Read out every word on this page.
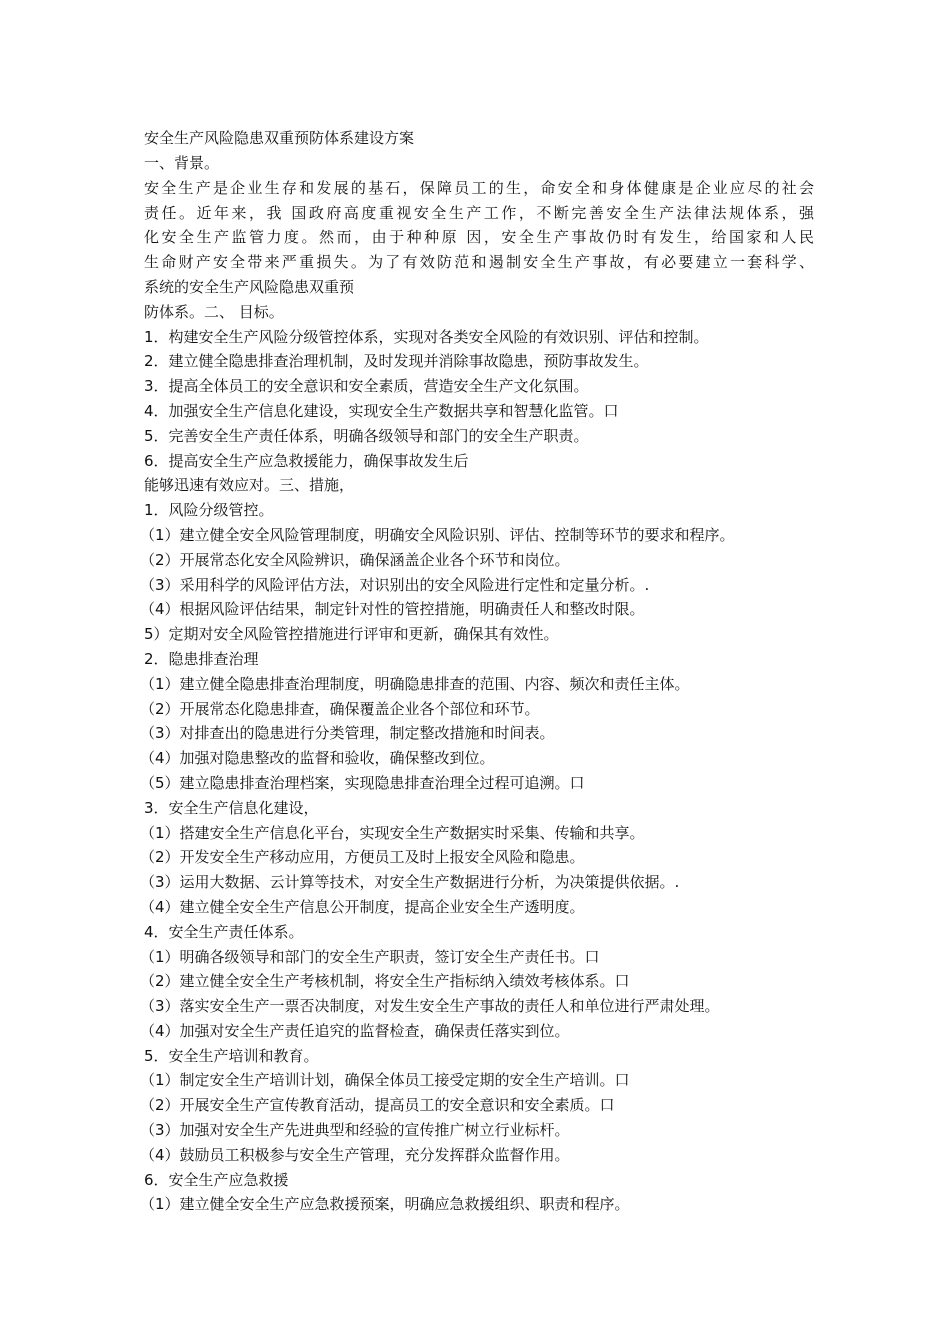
安全生产风险隐患双重预防体系建设方案
一、背景。
安全生产是企业生存和发展的基石，保障员工的生，命安全和身体健康是企业应尽的社会
责任。近年来，我 国政府高度重视安全生产工作，不断完善安全生产法律法规体系，强
化安全生产监管力度。然而，由于种种原 因，安全生产事故仍时有发生，给国家和人民
生命财产安全带来严重损失。为了有效防范和遏制安全生产事故，有必要建立一套科学、
系统的安全生产风险隐患双重预
防体系。二、 目标。
1．构建安全生产风险分级管控体系，实现对各类安全风险的有效识别、评估和控制。
2．建立健全隐患排查治理机制，及时发现并消除事故隐患，预防事故发生。
3．提高全体员工的安全意识和安全素质，营造安全生产文化氛围。
4．加强安全生产信息化建设，实现安全生产数据共享和智慧化监管。口
5．完善安全生产责任体系，明确各级领导和部门的安全生产职责。
6．提高安全生产应急救援能力，确保事故发生后
能够迅速有效应对。三、措施，
1．风险分级管控。
（1）建立健全安全风险管理制度，明确安全风险识别、评估、控制等环节的要求和程序。
（2）开展常态化安全风险辨识，确保涵盖企业各个环节和岗位。
（3）采用科学的风险评估方法，对识别出的安全风险进行定性和定量分析。.
（4）根据风险评估结果，制定针对性的管控措施，明确责任人和整改时限。
5）定期对安全风险管控措施进行评审和更新，确保其有效性。
2．隐患排查治理
（1）建立健全隐患排查治理制度，明确隐患排查的范围、内容、频次和责任主体。
（2）开展常态化隐患排查，确保覆盖企业各个部位和环节。
（3）对排查出的隐患进行分类管理，制定整改措施和时间表。
（4）加强对隐患整改的监督和验收，确保整改到位。
（5）建立隐患排查治理档案，实现隐患排查治理全过程可追溯。口
3．安全生产信息化建设，
（1）搭建安全生产信息化平台，实现安全生产数据实时采集、传输和共享。
（2）开发安全生产移动应用，方便员工及时上报安全风险和隐患。
（3）运用大数据、云计算等技术，对安全生产数据进行分析，为决策提供依据。.
（4）建立健全安全生产信息公开制度，提高企业安全生产透明度。
4．安全生产责任体系。
（1）明确各级领导和部门的安全生产职责，签订安全生产责任书。口
（2）建立健全安全生产考核机制，将安全生产指标纳入绩效考核体系。口
（3）落实安全生产一票否决制度，对发生安全生产事故的责任人和单位进行严肃处理。
（4）加强对安全生产责任追究的监督检查，确保责任落实到位。
5．安全生产培训和教育。
（1）制定安全生产培训计划，确保全体员工接受定期的安全生产培训。口
（2）开展安全生产宣传教育活动，提高员工的安全意识和安全素质。口
（3）加强对安全生产先进典型和经验的宣传推广树立行业标杆。
（4）鼓励员工积极参与安全生产管理，充分发挥群众监督作用。
6．安全生产应急救援
（1）建立健全安全生产应急救援预案，明确应急救援组织、职责和程序。
